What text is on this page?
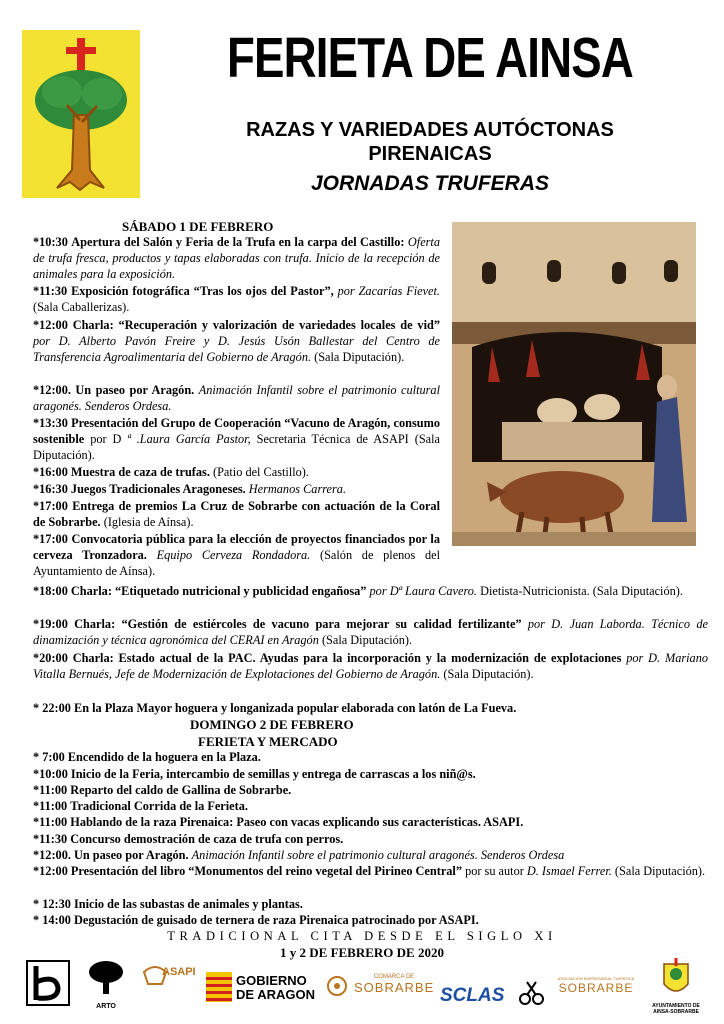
FERIETA DE AINSA
RAZAS Y VARIEDADES AUTÓCTONAS
PIRENAICAS
JORNADAS TRUFERAS
SÁBADO 1 DE FEBRERO
*10:30 Apertura del Salón y Feria de la Trufa en la carpa del Castillo: Oferta de trufa fresca, productos y tapas elaboradas con trufa. Inicio de la recepción de animales para la exposición.
*11:30 Exposición fotográfica “Tras los ojos del Pastor”, por Zacarías Fievet. (Sala Caballerizas).
*12:00 Charla: “Recuperación y valorización de variedades locales de vid” por D. Alberto Pavón Freire y D. Jesús Usón Ballestar del Centro de Transferencia Agroalimentaria del Gobierno de Aragón. (Sala Diputación).
*12:00. Un paseo por Aragón. Animación Infantil sobre el patrimonio cultural aragonés. Senderos Ordesa.
*13:30 Presentación del Grupo de Cooperación “Vacuno de Aragón, consumo sostenible por D ª .Laura García Pastor, Secretaria Técnica de ASAPI (Sala Diputación).
*16:00 Muestra de caza de trufas. (Patio del Castillo).
*16:30 Juegos Tradicionales Aragoneses. Hermanos Carrera.
*17:00 Entrega de premios La Cruz de Sobrarbe con actuación de la Coral de Sobrarbe. (Iglesia de Aínsa).
*17:00 Convocatoria pública para la elección de proyectos financiados por la cerveza Tronzadora. Equipo Cerveza Rondadora. (Salón de plenos del Ayuntamiento de Aínsa).
*18:00 Charla: “Etiquetado nutricional y publicidad engañosa” por Dª Laura Cavero. Dietista-Nutricionista. (Sala Diputación).
*19:00 Charla: “Gestión de estiércoles de vacuno para mejorar su calidad fertilizante” por D. Juan Laborda. Técnico de dinamización y técnica agronómica del CERAI en Aragón (Sala Diputación).
*20:00 Charla: Estado actual de la PAC. Ayudas para la incorporación y la modernización de explotaciones por D. Mariano Vitalla Bernués, Jefe de Modernización de Explotaciones del Gobierno de Aragón. (Sala Diputación).
* 22:00 En la Plaza Mayor hoguera y longanizada popular elaborada con latón de La Fueva.
DOMINGO 2 DE FEBRERO
FERIETA Y MERCADO
* 7:00 Encendido de la hoguera en la Plaza.
*10:00 Inicio de la Feria, intercambio de semillas y entrega de carrascas a los niñ@s.
*11:00 Reparto del caldo de Gallina de Sobrarbe.
*11:00 Tradicional Corrida de la Ferieta.
*11:00 Hablando de la raza Pirenaica: Paseo con vacas explicando sus características. ASAPI.
*11:30 Concurso demostración de caza de trufa con perros.
*12:00. Un paseo por Aragón. Animación Infantil sobre el patrimonio cultural aragonés. Senderos Ordesa
*12:00 Presentación del libro “Monumentos del reino vegetal del Pirineo Central” por su autor D. Ismael Ferrer. (Sala Diputación).
* 12:30 Inicio de las subastas de animales y plantas.
* 14:00 Degustación de guisado de ternera de raza Pirenaica patrocinado por ASAPI.
TRADICIONAL CITA DESDE EL SIGLO XI
1 y 2 DE FEBRERO DE 2020
ARTO
ASAPI
GOBIERNO
DE ARAGON
COMARCA DE
SOBRARBE SCLAS
ASOCIACIÓN EMPRESARIAL TURÍSTICA
SOBRARBE
AYUNTAMIENTO DE
AINSA-SOBRARBE
